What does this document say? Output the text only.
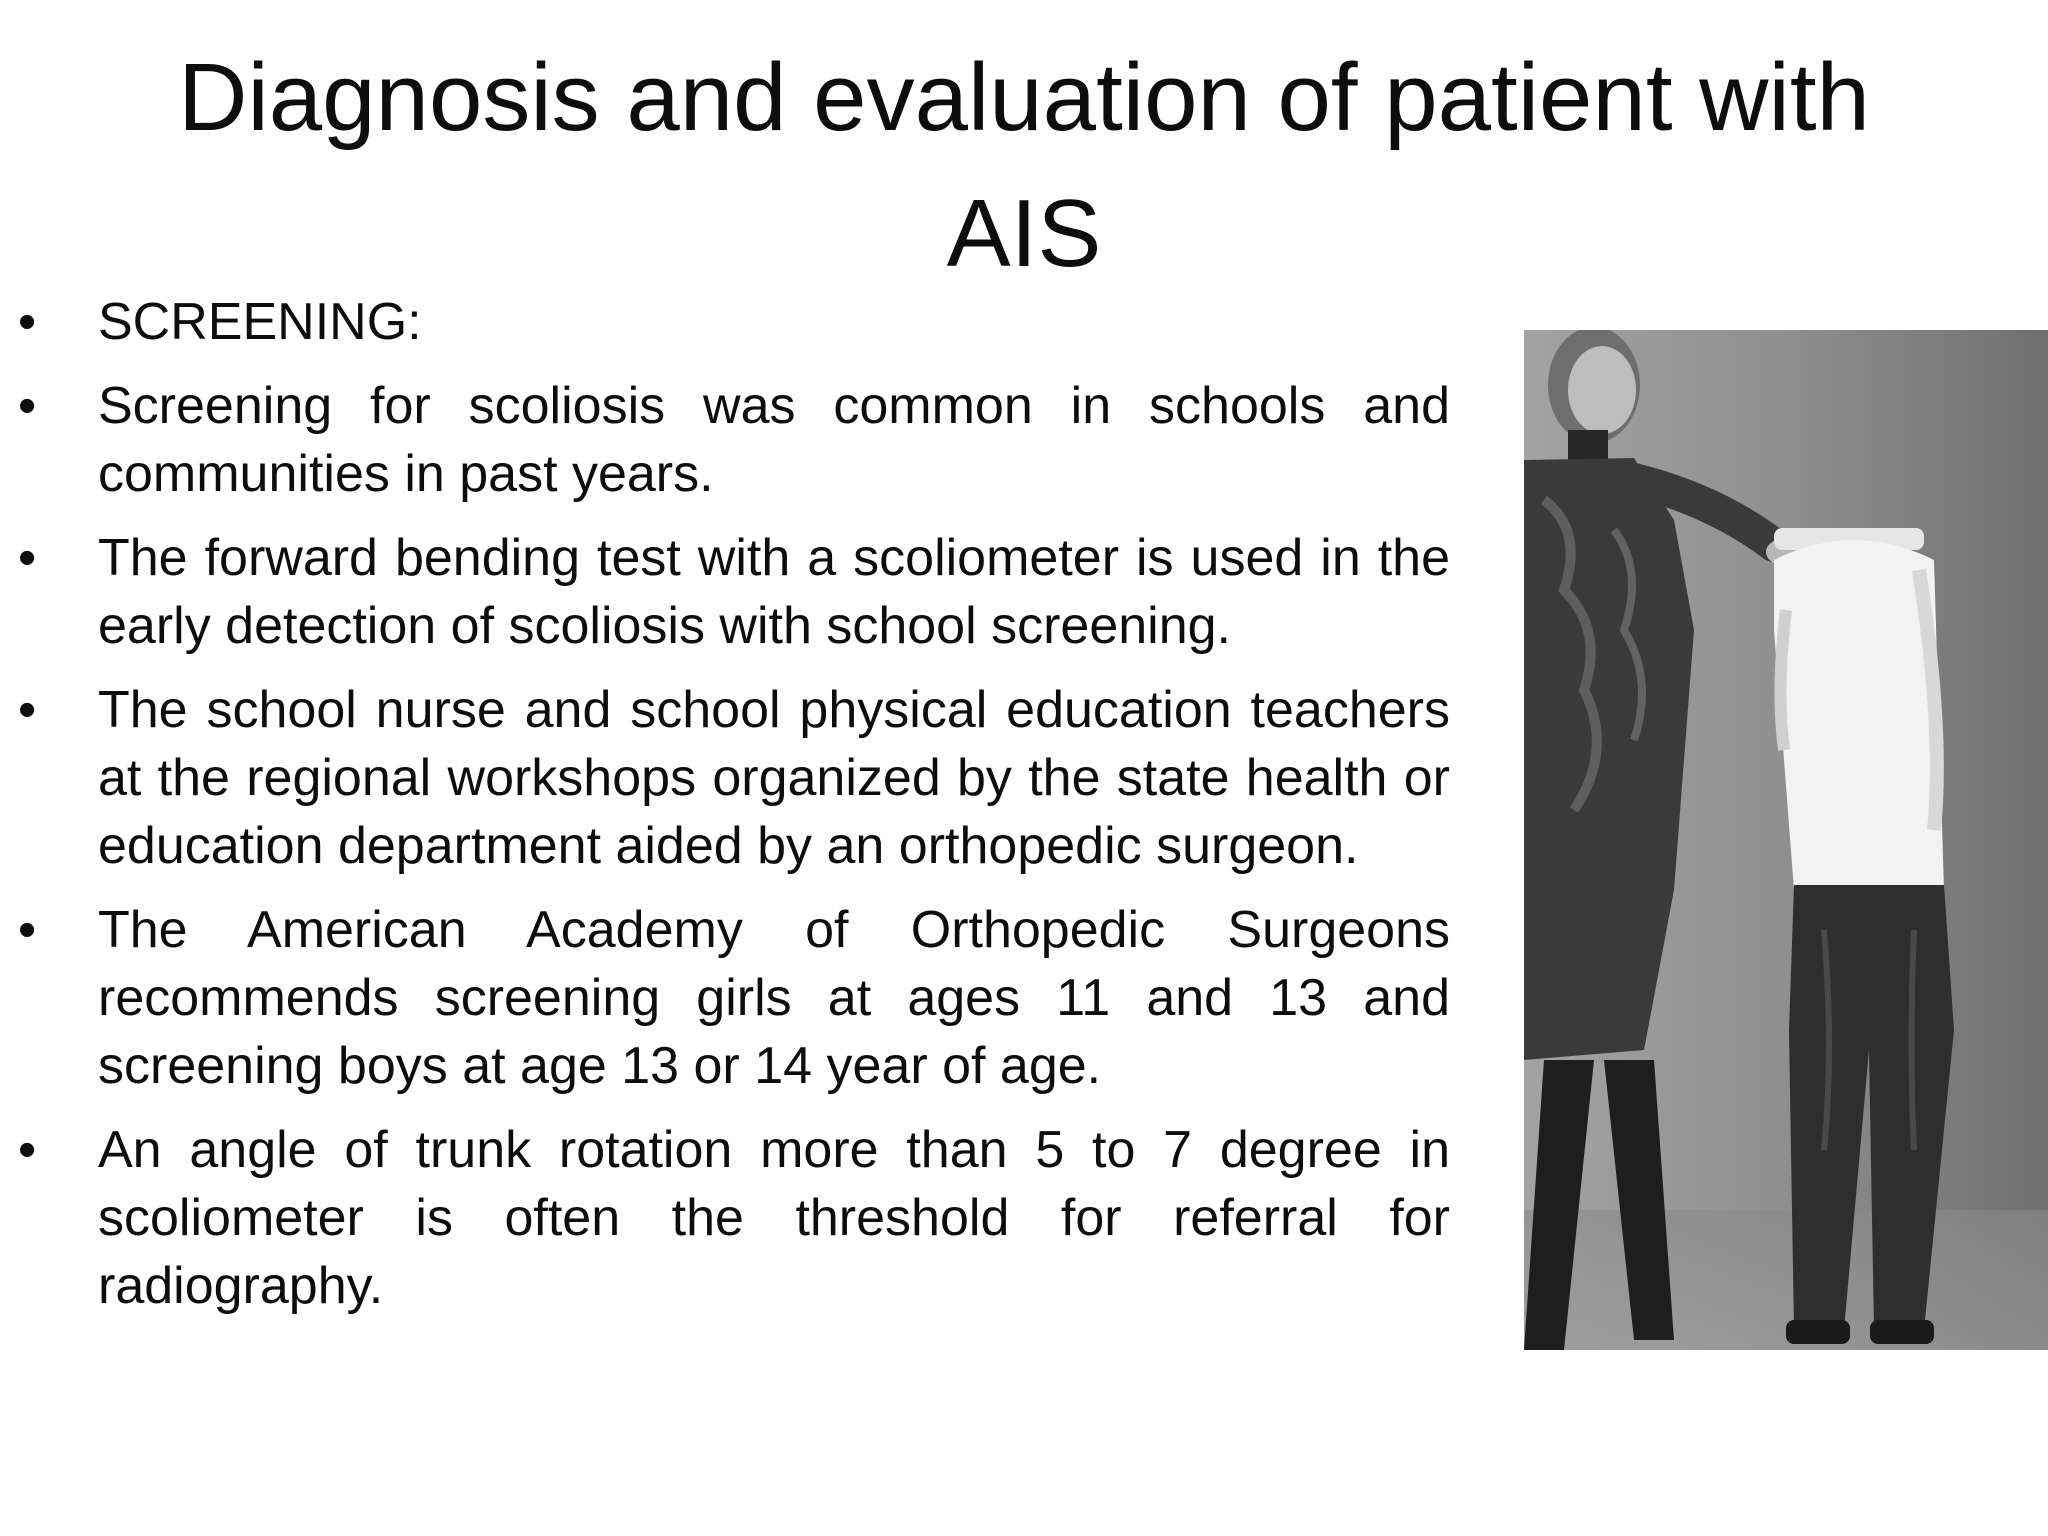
Diagnosis and evaluation of patient with AIS
•	SCREENING:
•	Screening for scoliosis was common in schools and communities in past years.
•	The forward bending test with a scoliometer is used in the early detection of scoliosis with school screening.
•	The school nurse and school physical education teachers at the regional workshops organized by the state health or education department aided by an orthopedic surgeon.
•	The American Academy of Orthopedic Surgeons recommends screening girls at ages 11 and 13 and screening boys at age 13 or 14 year of age.
•	An angle of trunk rotation more than 5 to 7 degree in scoliometer is often the threshold for referral for radiography.
